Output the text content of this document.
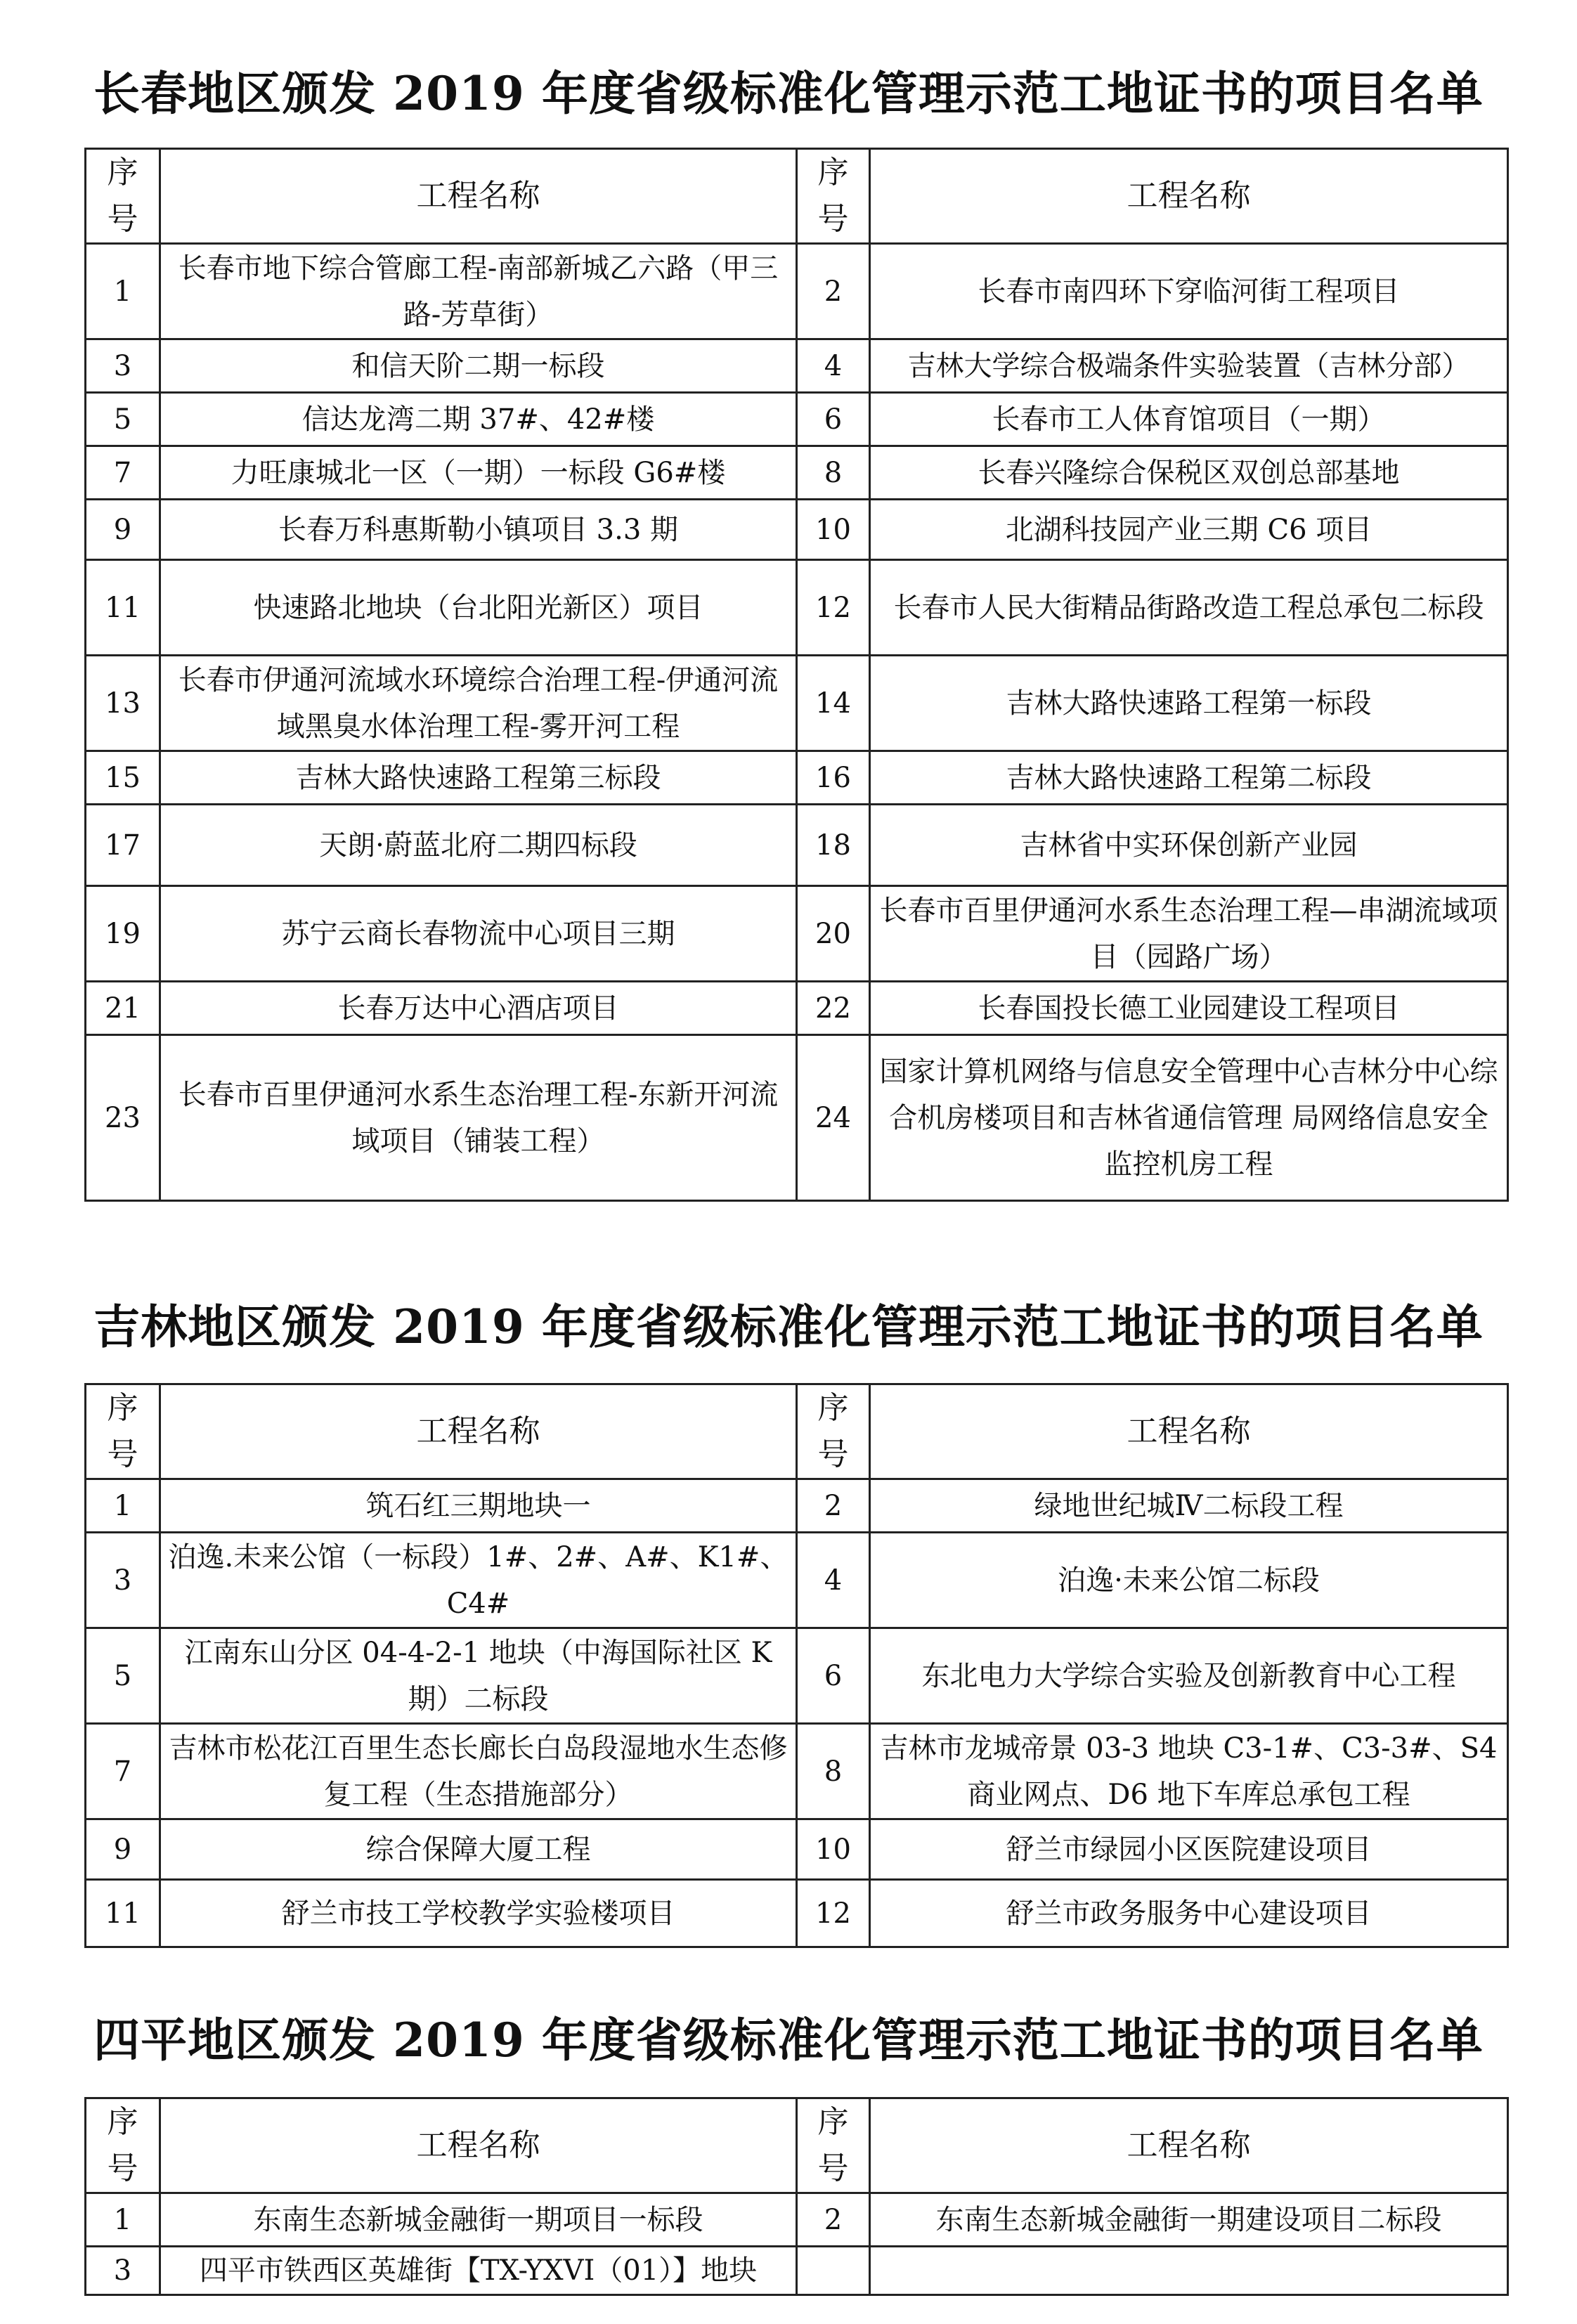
长春地区颁发 2019 年度省级标准化管理示范工地证书的项目名单
序号	工程名称	序号	工程名称
1	长春市地下综合管廊工程-南部新城乙六路（甲三路-芳草街）	2	长春市南四环下穿临河街工程项目
3	和信天阶二期一标段	4	吉林大学综合极端条件实验装置（吉林分部）
5	信达龙湾二期 37#、42#楼	6	长春市工人体育馆项目（一期）
7	力旺康城北一区（一期）一标段 G6#楼	8	长春兴隆综合保税区双创总部基地
9	长春万科惠斯勒小镇项目 3.3 期	10	北湖科技园产业三期 C6 项目
11	快速路北地块（台北阳光新区）项目	12	长春市人民大街精品街路改造工程总承包二标段
13	长春市伊通河流域水环境综合治理工程-伊通河流域黑臭水体治理工程-雾开河工程	14	吉林大路快速路工程第一标段
15	吉林大路快速路工程第三标段	16	吉林大路快速路工程第二标段
17	天朗·蔚蓝北府二期四标段	18	吉林省中实环保创新产业园
19	苏宁云商长春物流中心项目三期	20	长春市百里伊通河水系生态治理工程—串湖流域项目（园路广场）
21	长春万达中心酒店项目	22	长春国投长德工业园建设工程项目
23	长春市百里伊通河水系生态治理工程-东新开河流域项目（铺装工程）	24	国家计算机网络与信息安全管理中心吉林分中心综合机房楼项目和吉林省通信管理 局网络信息安全监控机房工程
吉林地区颁发 2019 年度省级标准化管理示范工地证书的项目名单
序号	工程名称	序号	工程名称
1	筑石红三期地块一	2	绿地世纪城Ⅳ二标段工程
3	泊逸.未来公馆（一标段）1#、2#、A#、K1#、C4#	4	泊逸·未来公馆二标段
5	江南东山分区 04-4-2-1 地块（中海国际社区 K 期）二标段	6	东北电力大学综合实验及创新教育中心工程
7	吉林市松花江百里生态长廊长白岛段湿地水生态修复工程（生态措施部分）	8	吉林市龙城帝景 03-3 地块 C3-1#、C3-3#、S4 商业网点、D6 地下车库总承包工程
9	综合保障大厦工程	10	舒兰市绿园小区医院建设项目
11	舒兰市技工学校教学实验楼项目	12	舒兰市政务服务中心建设项目
四平地区颁发 2019 年度省级标准化管理示范工地证书的项目名单
序号	工程名称	序号	工程名称
1	东南生态新城金融街一期项目一标段	2	东南生态新城金融街一期建设项目二标段
3	四平市铁西区英雄街【TX-YXVI（01）】地块		
